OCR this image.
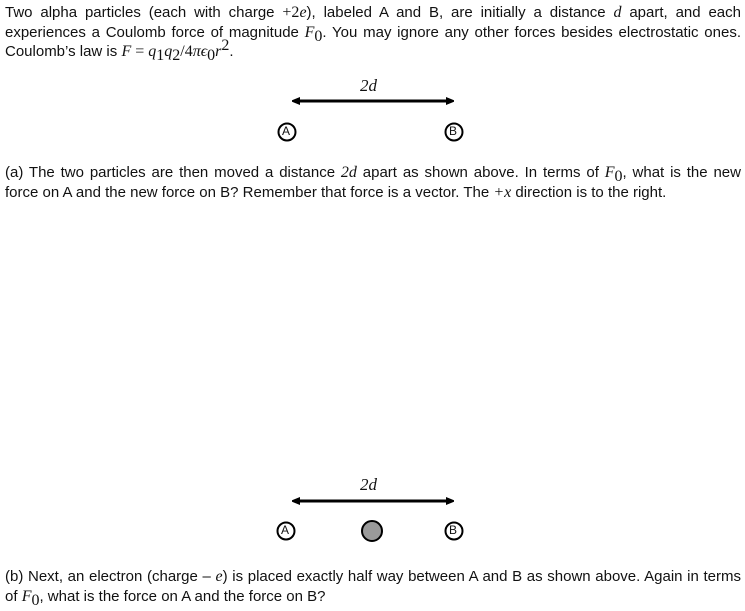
Two alpha particles (each with charge +2e), labeled A and B, are initially a distance d apart, and each experiences a Coulomb force of magnitude $F_0$. You may ignore any other forces besides electrostatic ones. Coulomb’s law is $F = q_1q_2/4\pi\epsilon_0r^2$.
2d
A	B
(a) The two particles are then moved a distance 2d apart as shown above. In terms of $F_0$, what is the new force on A and the new force on B? Remember that force is a vector. The +x direction is to the right.
2d
A	B
(b) Next, an electron (charge – e) is placed exactly half way between A and B as shown above. Again in terms of $F_0$, what is the force on A and the force on B?
